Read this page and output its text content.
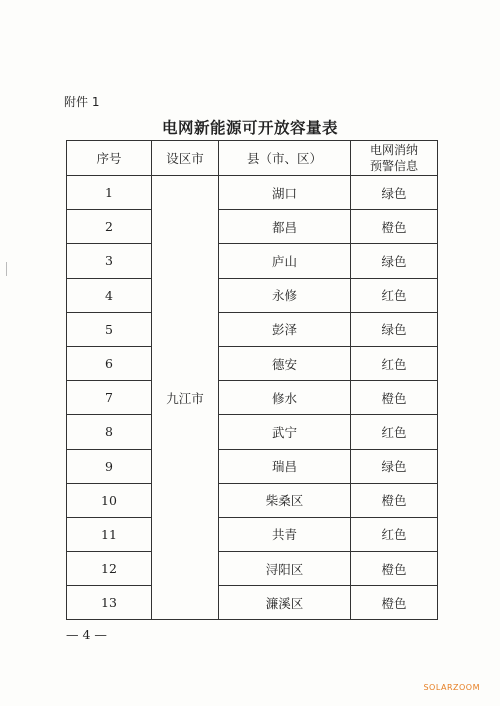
附件 1
电网新能源可开放容量表
序号	设区市	县（市、区）	电网消纳
预警信息
1	九江市	湖口	绿色
2		都昌	橙色
3		庐山	绿色
4		永修	红色
5		彭泽	绿色
6		德安	红色
7		修水	橙色
8		武宁	红色
9		瑞昌	绿色
10		柴桑区	橙色
11		共青	红色
12		浔阳区	橙色
13		濂溪区	橙色
— 4 —
SOLARZOOM
